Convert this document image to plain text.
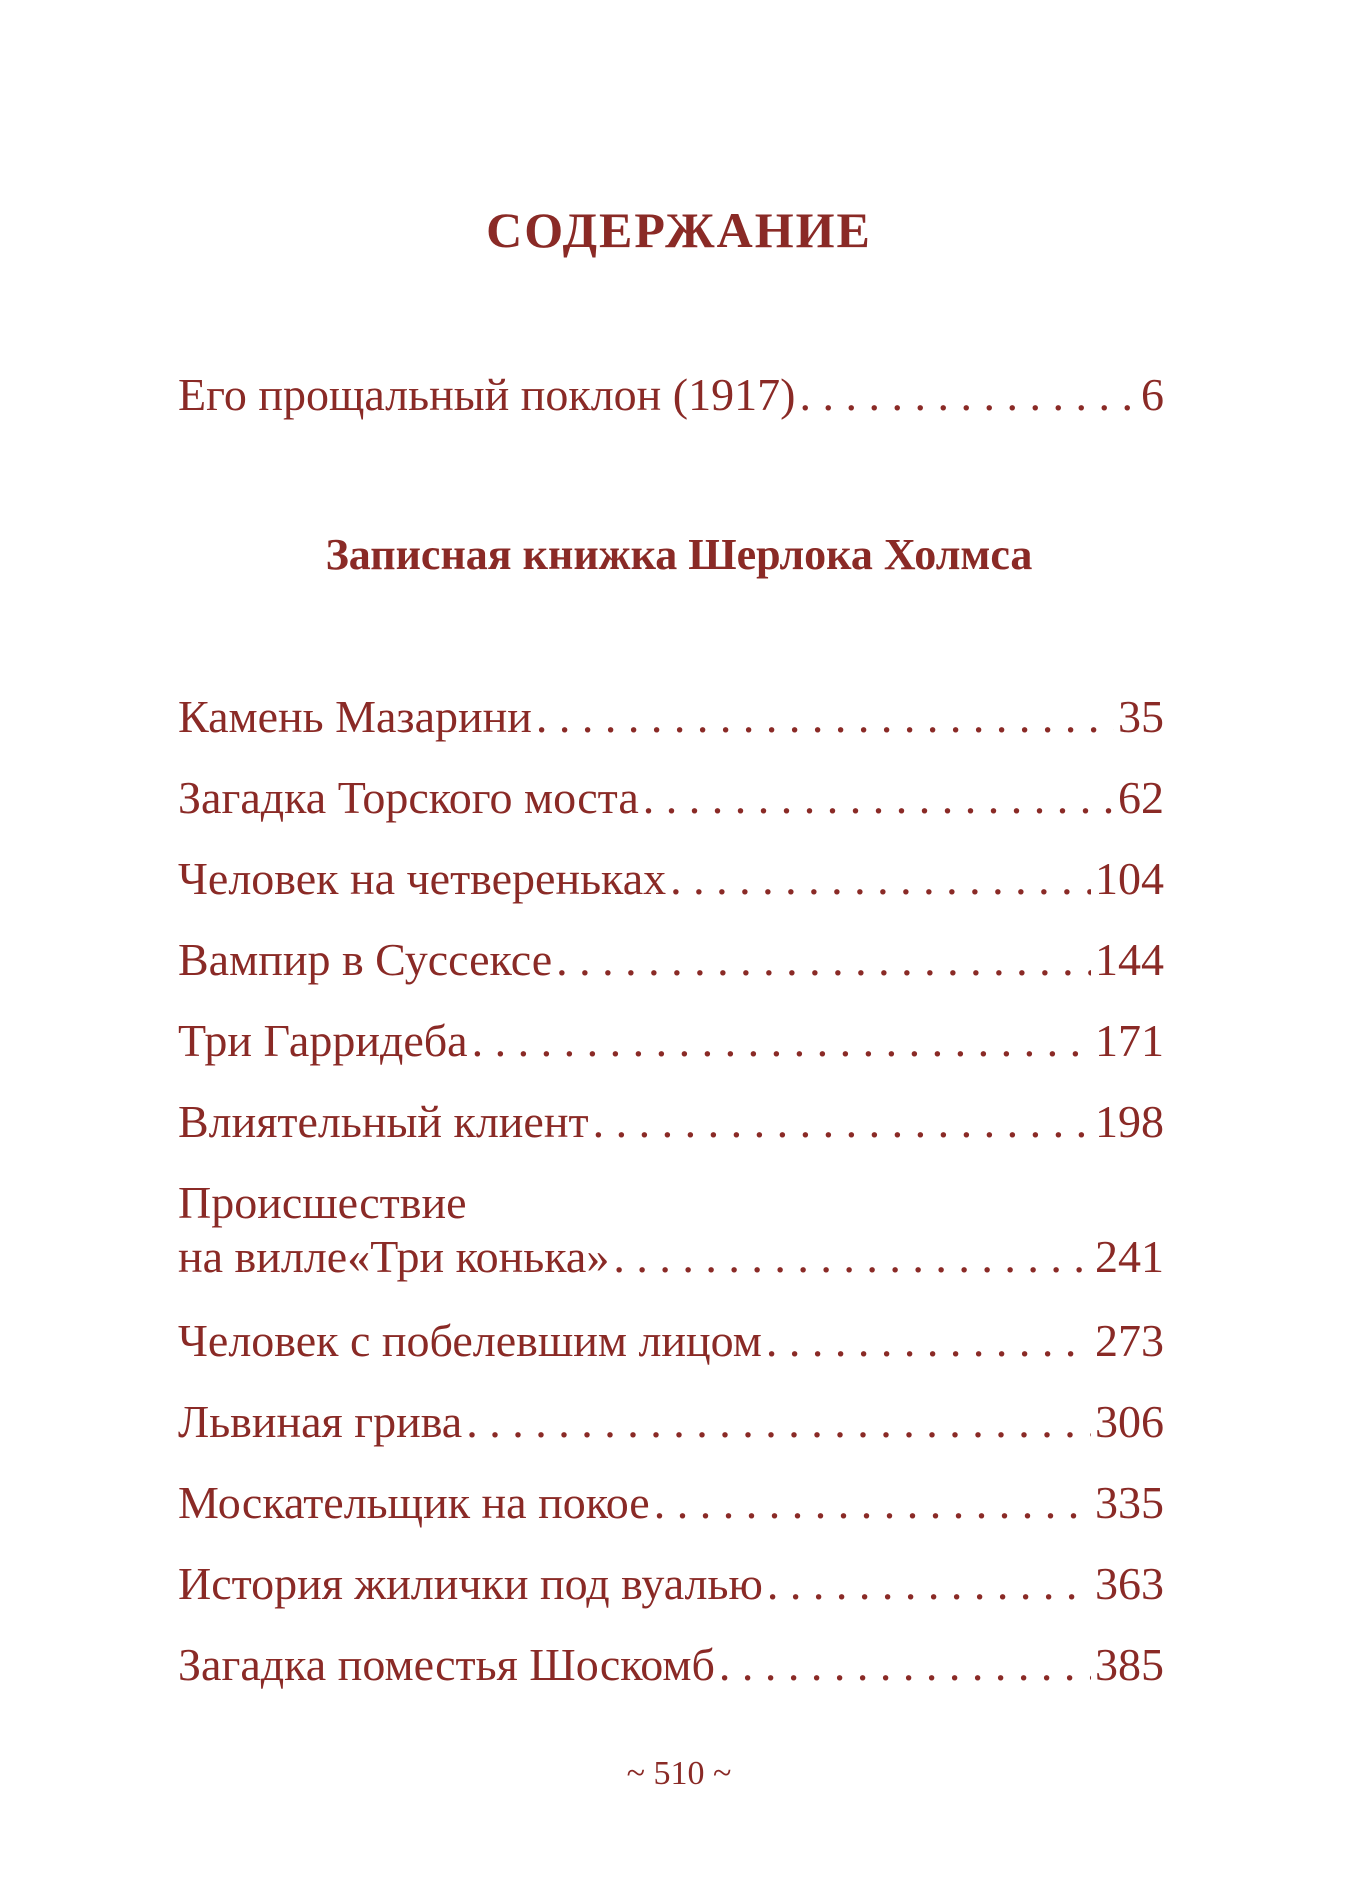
СОДЕРЖАНИЕ
Его прощальный поклон (1917) . . .	6
Записная книжка Шерлока Холмса
Камень Мазарини . . .	35
Загадка Торского моста . . .	62
Человек на четвереньках . . .	104
Вампир в Суссексе . . .	144
Три Гарридеба . . .	171
Влиятельный клиент . . .	198
Происшествие
на вилле«Три конька» . . .	241
Человек с побелевшим лицом . . .	273
Львиная грива . . .	306
Москательщик на покое . . .	335
История жилички под вуалью . . .	363
Загадка поместья Шоскомб . . .	385
~ 510 ~
